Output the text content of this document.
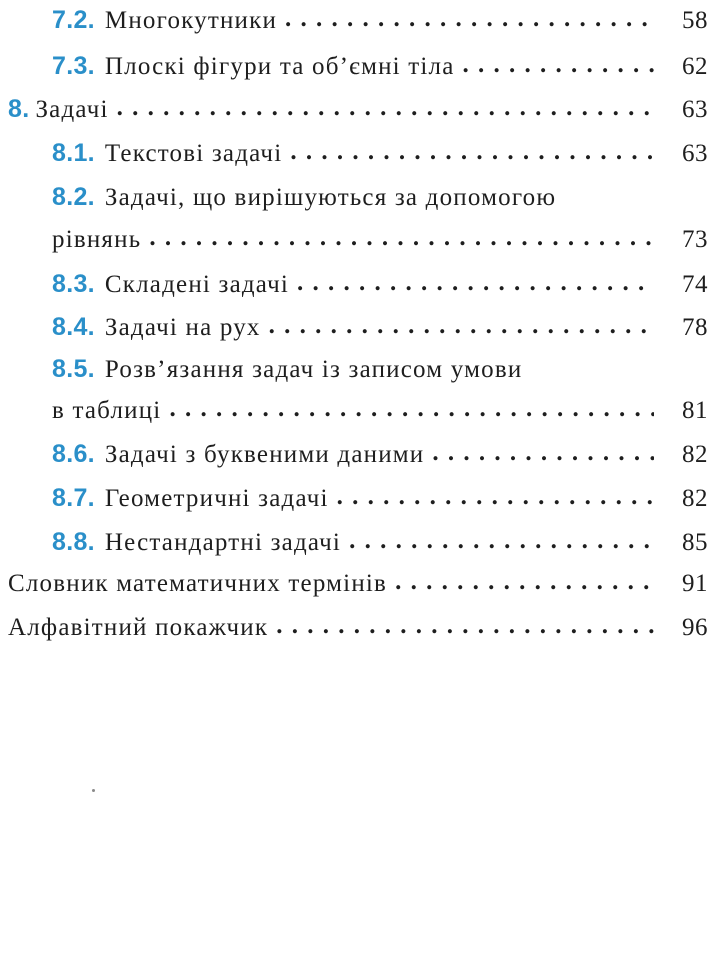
7.2. Многокутники . . .	58
7.3. Плоскі фігури та об’ємні тіла . . .	62
8. Задачі . . .	63
8.1. Текстові задачі . . .	63
8.2. Задачі, що вирішуються за допомогою
рівнянь . . .	73
8.3. Складені задачі . . .	74
8.4. Задачі на рух . . .	78
8.5. Розв’язання задач із записом умови
в таблиці . . .	81
8.6. Задачі з буквеними даними . . .	82
8.7. Геометричні задачі . . .	82
8.8. Нестандартні задачі . . .	85
Словник математичних термінів . . .	91
Алфавітний покажчик . . .	96
